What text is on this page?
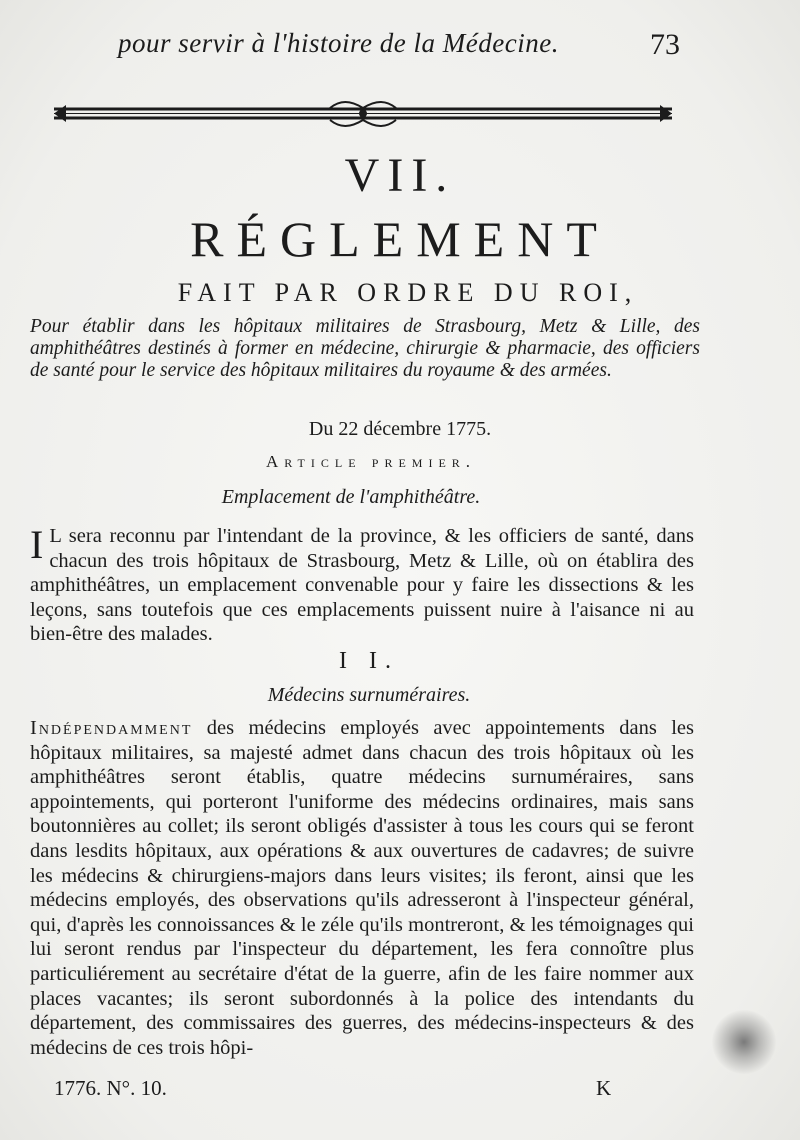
pour servir à l'histoire de la Médecine.	73
VII.
RÉGLEMENT
FAIT PAR ORDRE DU ROI,
Pour établir dans les hôpitaux militaires de Strasbourg, Metz & Lille, des amphithéâtres destinés à former en médecine, chirurgie & pharmacie, des officiers de santé pour le service des hôpitaux militaires du royaume & des armées.
Du 22 décembre 1775.
Article premier.
Emplacement de l'amphithéâtre.
I L sera reconnu par l'intendant de la province, & les officiers de santé, dans chacun des trois hôpitaux de Strasbourg, Metz & Lille, où on établira des amphithéâtres, un emplacement convenable pour y faire les dissections & les leçons, sans toutefois que ces emplacements puissent nuire à l'aisance ni au bien-être des malades.
I I.
Médecins surnuméraires.
Indépendamment des médecins employés avec appointements dans les hôpitaux militaires, sa majesté admet dans chacun des trois hôpitaux où les amphithéâtres seront établis, quatre médecins surnuméraires, sans appointements, qui porteront l'uniforme des médecins ordinaires, mais sans boutonnières au collet; ils seront obligés d'assister à tous les cours qui se feront dans lesdits hôpitaux, aux opérations & aux ouvertures de cadavres; de suivre les médecins & chirurgiens-majors dans leurs visites; ils feront, ainsi que les médecins employés, des observations qu'ils adresseront à l'inspecteur général, qui, d'après les connoissances & le zéle qu'ils montreront, & les témoignages qui lui seront rendus par l'inspecteur du département, les fera connoître plus particuliérement au secrétaire d'état de la guerre, afin de les faire nommer aux places vacantes; ils seront subordonnés à la police des intendants du département, des commissaires des guerres, des médecins-inspecteurs & des médecins de ces trois hôpi-
1776. N°. 10.	K
